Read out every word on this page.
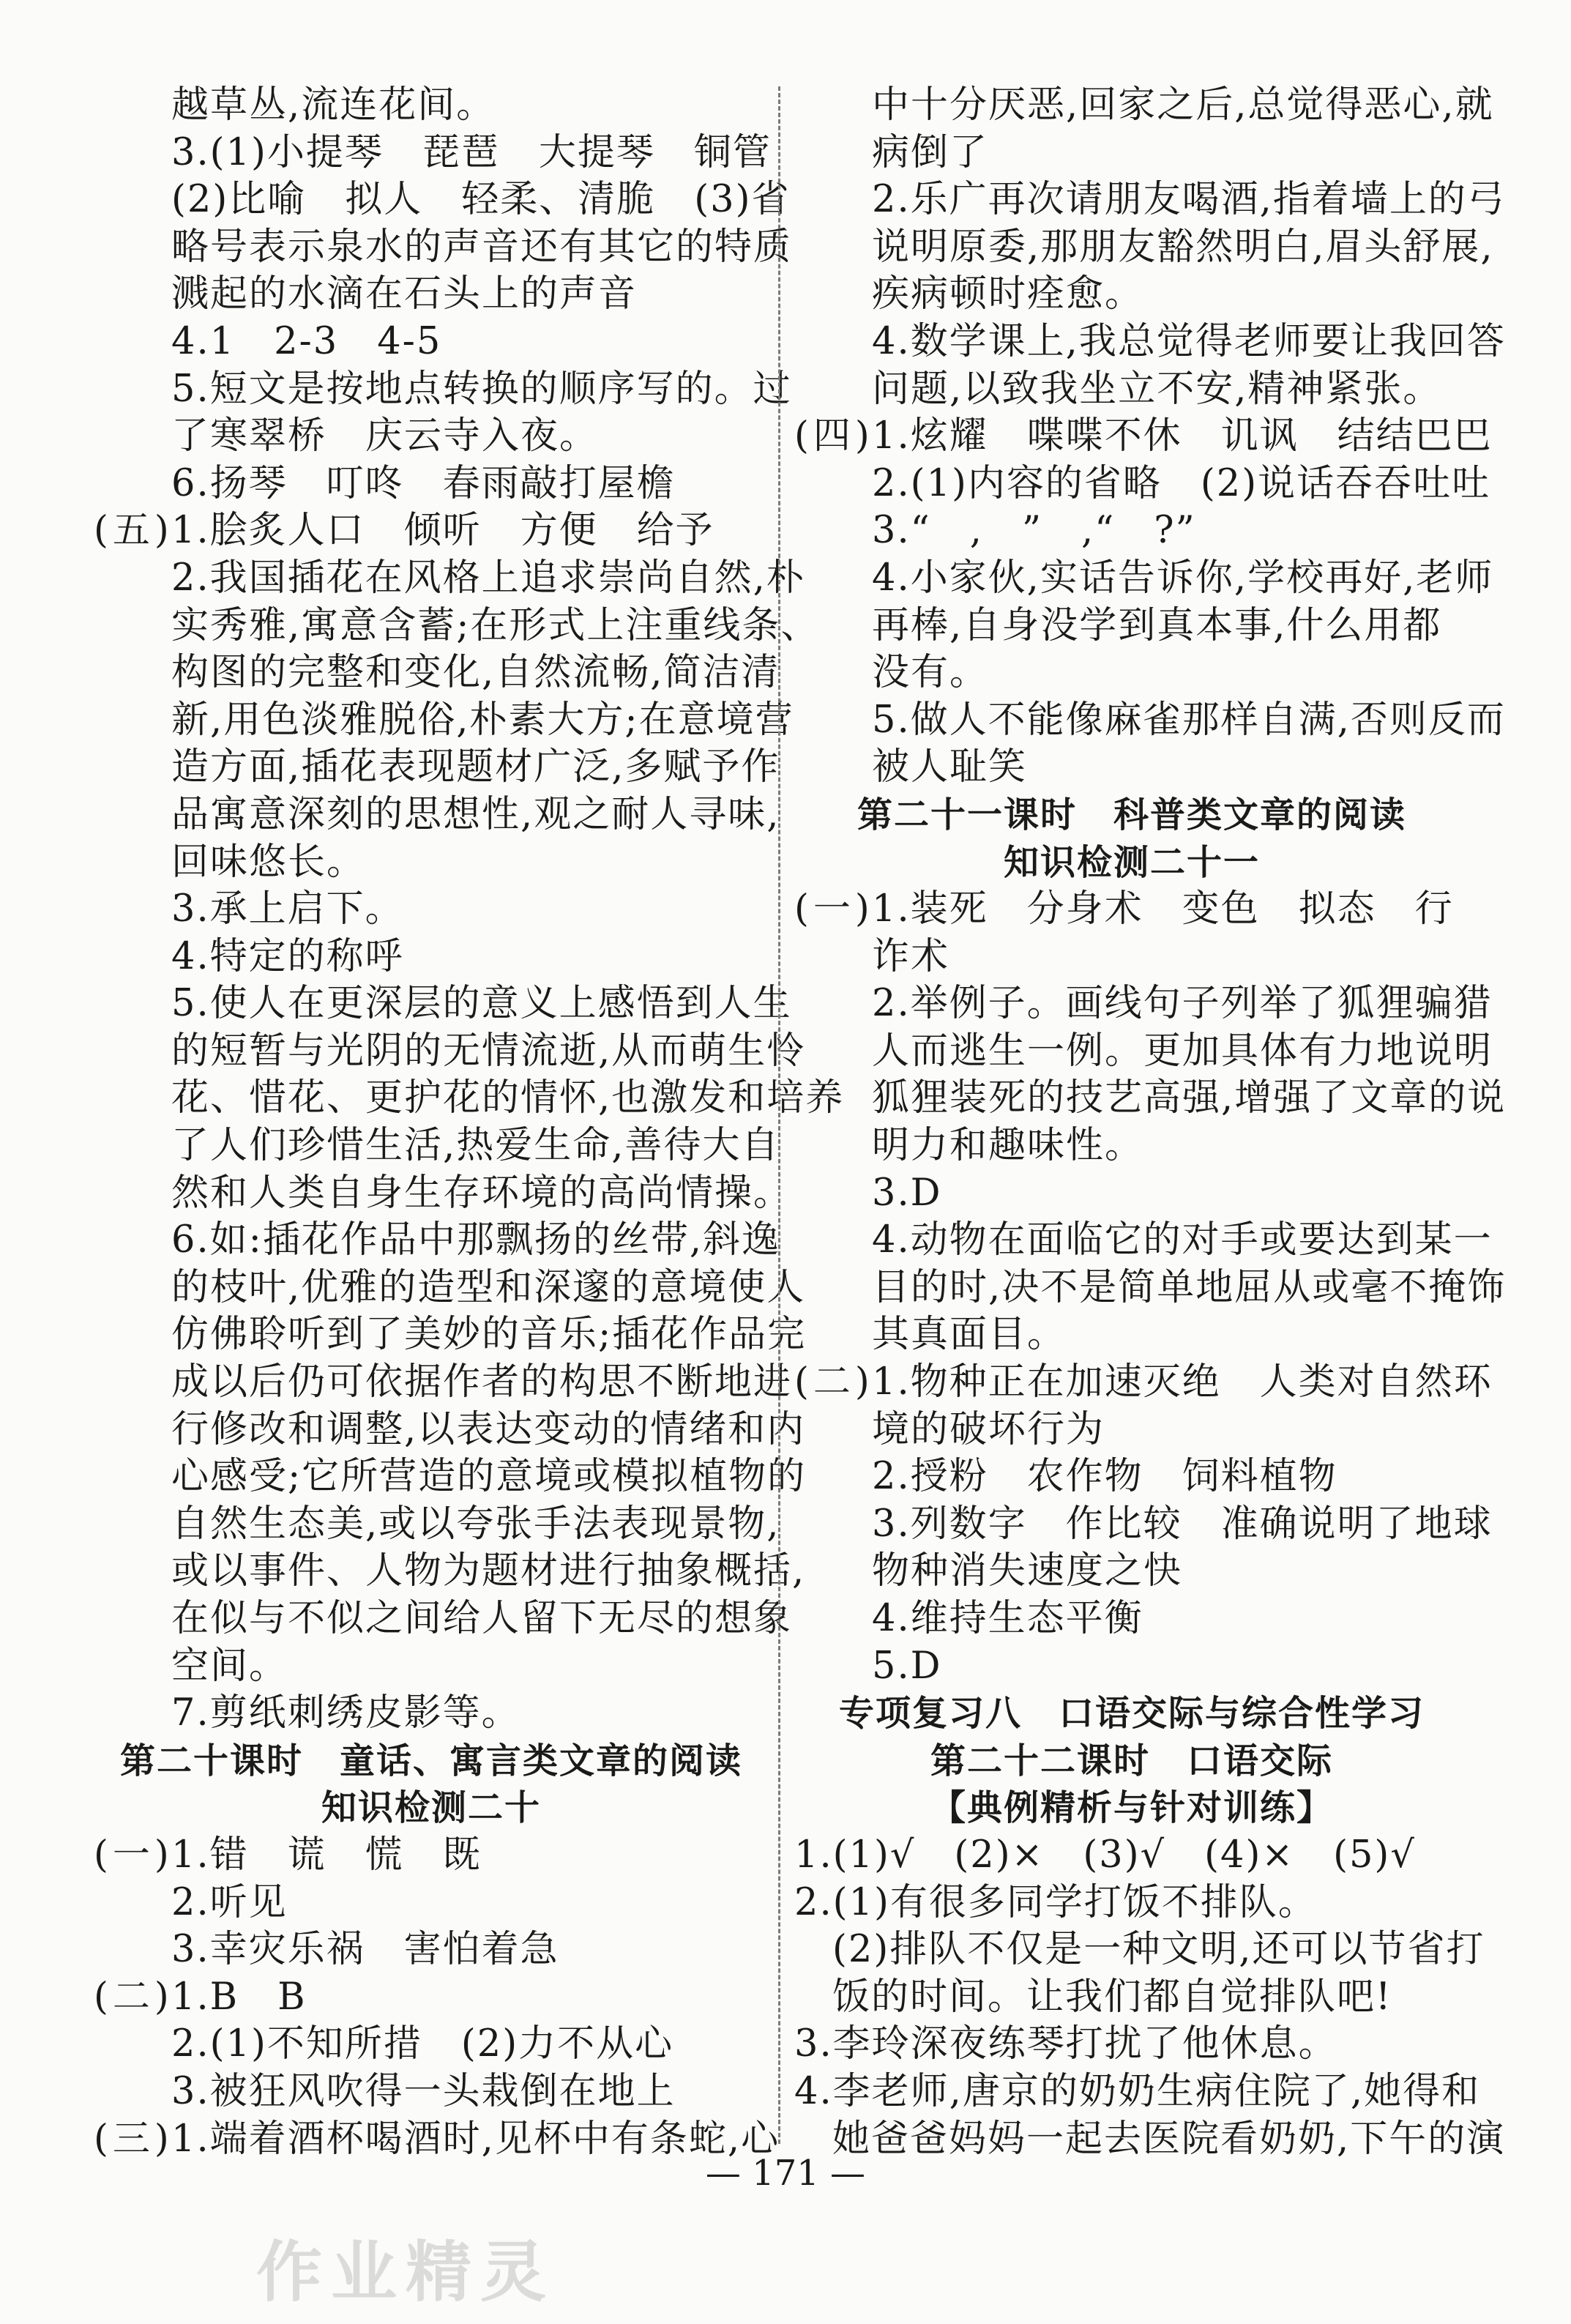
越草丛,流连花间。
3.(1)小提琴　琵琶　大提琴　铜管
(2)比喻　拟人　轻柔、清脆　(3)省
略号表示泉水的声音还有其它的特质
溅起的水滴在石头上的声音
4.1　2-3　4-5
5.短文是按地点转换的顺序写的。过
了寒翠桥　庆云寺入夜。
6.扬琴　叮咚　春雨敲打屋檐
(五)1.脍炙人口　倾听　方便　给予
2.我国插花在风格上追求崇尚自然,朴
实秀雅,寓意含蓄;在形式上注重线条、
构图的完整和变化,自然流畅,简洁清
新,用色淡雅脱俗,朴素大方;在意境营
造方面,插花表现题材广泛,多赋予作
品寓意深刻的思想性,观之耐人寻味,
回味悠长。
3.承上启下。
4.特定的称呼
5.使人在更深层的意义上感悟到人生
的短暂与光阴的无情流逝,从而萌生怜
花、惜花、更护花的情怀,也激发和培养
了人们珍惜生活,热爱生命,善待大自
然和人类自身生存环境的高尚情操。
6.如:插花作品中那飘扬的丝带,斜逸
的枝叶,优雅的造型和深邃的意境使人
仿佛聆听到了美妙的音乐;插花作品完
成以后仍可依据作者的构思不断地进
行修改和调整,以表达变动的情绪和内
心感受;它所营造的意境或模拟植物的
自然生态美,或以夸张手法表现景物,
或以事件、人物为题材进行抽象概括,
在似与不似之间给人留下无尽的想象
空间。
7.剪纸刺绣皮影等。
第二十课时　童话、寓言类文章的阅读
知识检测二十
(一)1.错　谎　慌　既
2.听见
3.幸灾乐祸　害怕着急
(二)1.B　B
2.(1)不知所措　(2)力不从心
3.被狂风吹得一头栽倒在地上
(三)1.端着酒杯喝酒时,见杯中有条蛇,心
中十分厌恶,回家之后,总觉得恶心,就
病倒了
2.乐广再次请朋友喝酒,指着墙上的弓
说明原委,那朋友豁然明白,眉头舒展,
疾病顿时痊愈。
4.数学课上,我总觉得老师要让我回答
问题,以致我坐立不安,精神紧张。
(四)1.炫耀　喋喋不休　讥讽　结结巴巴
2.(1)内容的省略　(2)说话吞吞吐吐
3.“　,　”　,“　?”
4.小家伙,实话告诉你,学校再好,老师
再棒,自身没学到真本事,什么用都
没有。
5.做人不能像麻雀那样自满,否则反而
被人耻笑
第二十一课时　科普类文章的阅读
知识检测二十一
(一)1.装死　分身术　变色　拟态　行
诈术
2.举例子。画线句子列举了狐狸骗猎
人而逃生一例。更加具体有力地说明
狐狸装死的技艺高强,增强了文章的说
明力和趣味性。
3.D
4.动物在面临它的对手或要达到某一
目的时,决不是简单地屈从或毫不掩饰
其真面目。
(二)1.物种正在加速灭绝　人类对自然环
境的破坏行为
2.授粉　农作物　饲料植物
3.列数字　作比较　准确说明了地球
物种消失速度之快
4.维持生态平衡
5.D
专项复习八　口语交际与综合性学习
第二十二课时　口语交际
【典例精析与针对训练】
1.(1)√　(2)×　(3)√　(4)×　(5)√
2.(1)有很多同学打饭不排队。
(2)排队不仅是一种文明,还可以节省打
饭的时间。让我们都自觉排队吧!
3.李玲深夜练琴打扰了他休息。
4.李老师,唐京的奶奶生病住院了,她得和
她爸爸妈妈一起去医院看奶奶,下午的演
— 171 —
作业精灵
